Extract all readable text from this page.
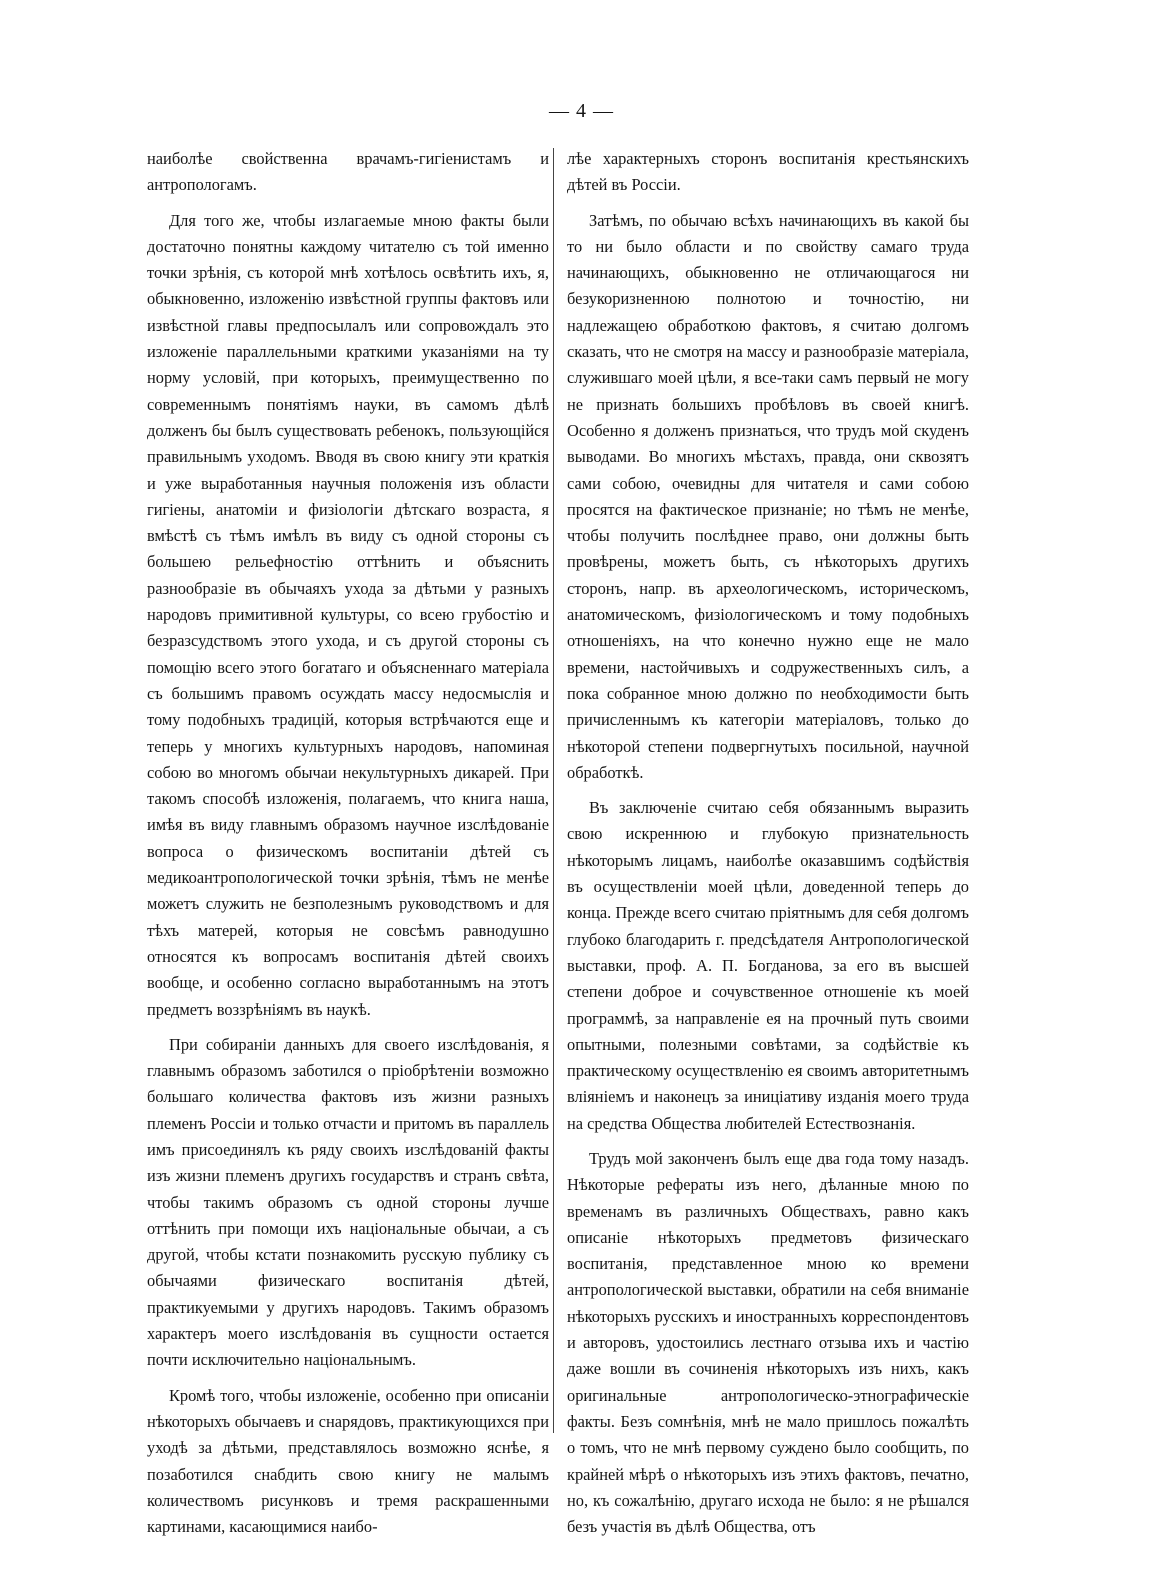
— 4 —

наиболѣе свойственна врачамъ-гигіенистамъ и антропологамъ.

Для того же, чтобы излагаемые мною факты были достаточно понятны каждому читателю съ той именно точки зрѣнія, съ которой мнѣ хотѣлось освѣтить ихъ, я, обыкновенно, изложенію извѣстной группы фактовъ или извѣстной главы предпосылалъ или сопровождалъ это изложеніе параллельными краткими указаніями на ту норму условій, при которыхъ, преимущественно по современнымъ понятіямъ науки, въ самомъ дѣлѣ долженъ бы былъ существовать ребенокъ, пользующійся правильнымъ уходомъ. Вводя въ свою книгу эти краткія и уже выработанныя научныя положенія изъ области гигіены, анатоміи и физіологіи дѣтскаго возраста, я вмѣстѣ съ тѣмъ имѣлъ въ виду съ одной стороны съ большею рельефностію оттѣнить и объяснить разнообразіе въ обычаяхъ ухода за дѣтьми у разныхъ народовъ примитивной культуры, со всею грубостію и безразсудствомъ этого ухода, и съ другой стороны съ помощію всего этого богатаго и объясненнаго матеріала съ большимъ правомъ осуждать массу недосмыслія и тому подобныхъ традицій, которыя встрѣчаются еще и теперь у многихъ культурныхъ народовъ, напоминая собою во многомъ обычаи некультурныхъ дикарей. При такомъ способѣ изложенія, полагаемъ, что книга наша, имѣя въ виду главнымъ образомъ научное изслѣдованіе вопроса о физическомъ воспитаніи дѣтей съ медикоантропологической точки зрѣнія, тѣмъ не менѣе можетъ служить не безполезнымъ руководствомъ и для тѣхъ матерей, которыя не совсѣмъ равнодушно относятся къ вопросамъ воспитанія дѣтей своихъ вообще, и особенно согласно выработаннымъ на этотъ предметъ воззрѣніямъ въ наукѣ.

При собираніи данныхъ для своего изслѣдованія, я главнымъ образомъ заботился о пріобрѣтеніи возможно большаго количества фактовъ изъ жизни разныхъ племенъ Россіи и только отчасти и притомъ въ параллель имъ присоединялъ къ ряду своихъ изслѣдованій факты изъ жизни племенъ другихъ государствъ и странъ свѣта, чтобы такимъ образомъ съ одной стороны лучше оттѣнить при помощи ихъ національные обычаи, а съ другой, чтобы кстати познакомить русскую публику съ обычаями физическаго воспитанія дѣтей, практикуемыми у другихъ народовъ. Такимъ образомъ характеръ моего изслѣдованія въ сущности остается почти исключительно національнымъ.

Кромѣ того, чтобы изложеніе, особенно при описаніи нѣкоторыхъ обычаевъ и снарядовъ, практикующихся при уходѣ за дѣтьми, представлялось возможно яснѣе, я позаботился снабдить свою книгу не малымъ количествомъ рисунковъ и тремя раскрашенными картинами, касающимися наибо-

лѣе характерныхъ сторонъ воспитанія крестьянскихъ дѣтей въ Россіи.

Затѣмъ, по обычаю всѣхъ начинающихъ въ какой бы то ни было области и по свойству самаго труда начинающихъ, обыкновенно не отличающагося ни безукоризненною полнотою и точностію, ни надлежащею обработкою фактовъ, я считаю долгомъ сказать, что не смотря на массу и разнообразіе матеріала, служившаго моей цѣли, я все-таки самъ первый не могу не признать большихъ пробѣловъ въ своей книгѣ. Особенно я долженъ признаться, что трудъ мой скуденъ выводами. Во многихъ мѣстахъ, правда, они сквозятъ сами собою, очевидны для читателя и сами собою просятся на фактическое признаніе; но тѣмъ не менѣе, чтобы получить послѣднее право, они должны быть провѣрены, можетъ быть, съ нѣкоторыхъ другихъ сторонъ, напр. въ археологическомъ, историческомъ, анатомическомъ, физіологическомъ и тому подобныхъ отношеніяхъ, на что конечно нужно еще не мало времени, настойчивыхъ и содружественныхъ силъ, а пока собранное мною должно по необходимости быть причисленнымъ къ категоріи матеріаловъ, только до нѣкоторой степени подвергнутыхъ посильной, научной обработкѣ.

Въ заключеніе считаю себя обязаннымъ выразить свою искреннюю и глубокую признательность нѣкоторымъ лицамъ, наиболѣе оказавшимъ содѣйствія въ осуществленіи моей цѣли, доведенной теперь до конца. Прежде всего считаю пріятнымъ для себя долгомъ глубоко благодарить г. предсѣдателя Антропологической выставки, проф. А. П. Богданова, за его въ высшей степени доброе и сочувственное отношеніе къ моей программѣ, за направленіе ея на прочный путь своими опытными, полезными совѣтами, за содѣйствіе къ практическому осуществленію ея своимъ авторитетнымъ вліяніемъ и наконецъ за иниціативу изданія моего труда на средства Общества любителей Естествознанія.

Трудъ мой законченъ былъ еще два года тому назадъ. Нѣкоторые рефераты изъ него, дѣланные мною по временамъ въ различныхъ Обществахъ, равно какъ описаніе нѣкоторыхъ предметовъ физическаго воспитанія, представленное мною ко времени антропологической выставки, обратили на себя вниманіе нѣкоторыхъ русскихъ и иностранныхъ корреспондентовъ и авторовъ, удостоились лестнаго отзыва ихъ и частію даже вошли въ сочиненія нѣкоторыхъ изъ нихъ, какъ оригинальные антропологическо-этнографическіе факты. Безъ сомнѣнія, мнѣ не мало пришлось пожалѣть о томъ, что не мнѣ первому суждено было сообщить, по крайней мѣрѣ о нѣкоторыхъ изъ этихъ фактовъ, печатно, но, къ сожалѣнію, другаго исхода не было: я не рѣшался безъ участія въ дѣлѣ Общества, отъ
